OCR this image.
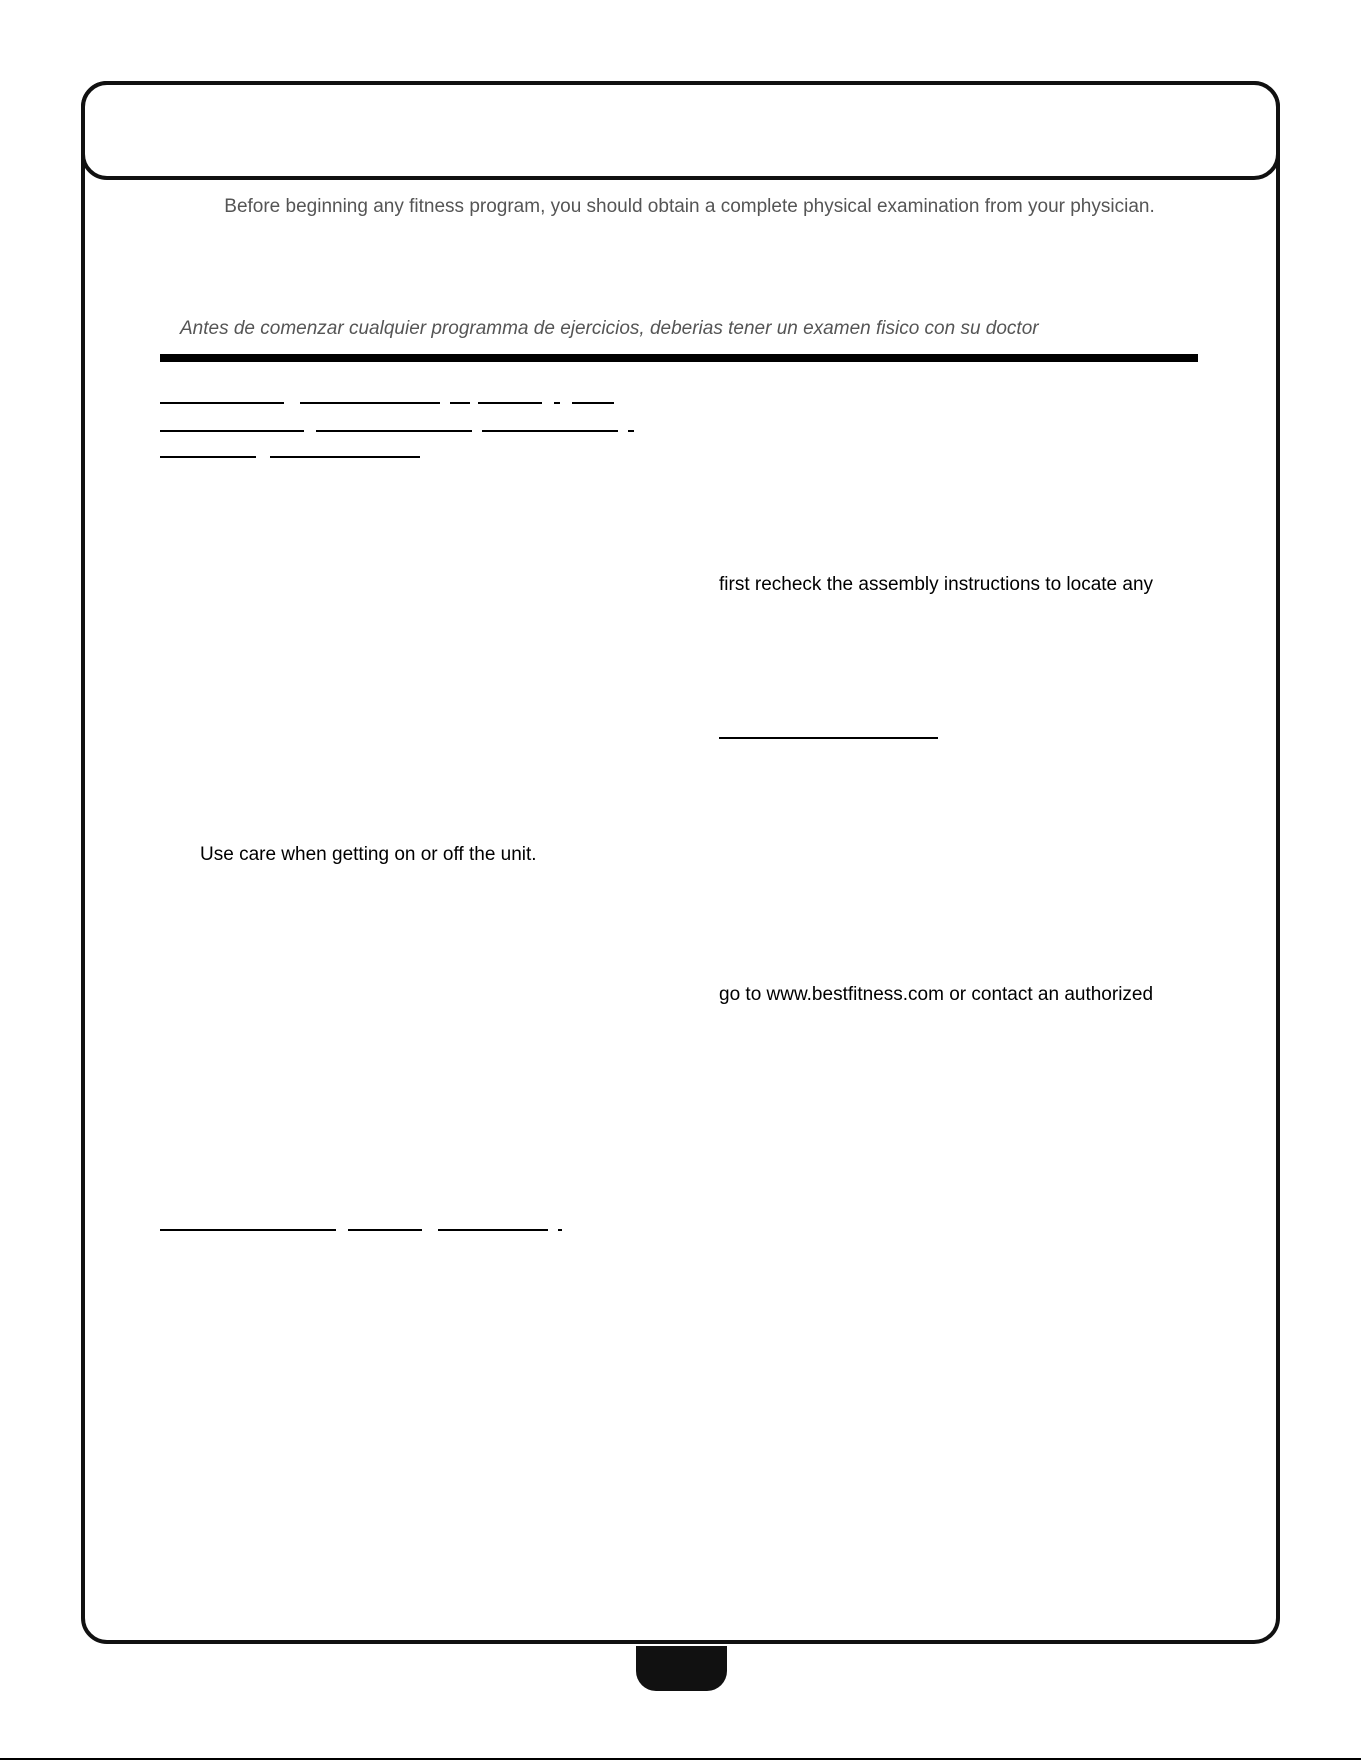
Before beginning any fitness program, you should obtain a complete physical examination from your physician.
Antes de comenzar cualquier programma de ejercicios, deberias tener un examen fisico con su doctor
first recheck the assembly instructions to locate any
Use care when getting on or off the unit.
go to www.bestfitness.com or contact an authorized
